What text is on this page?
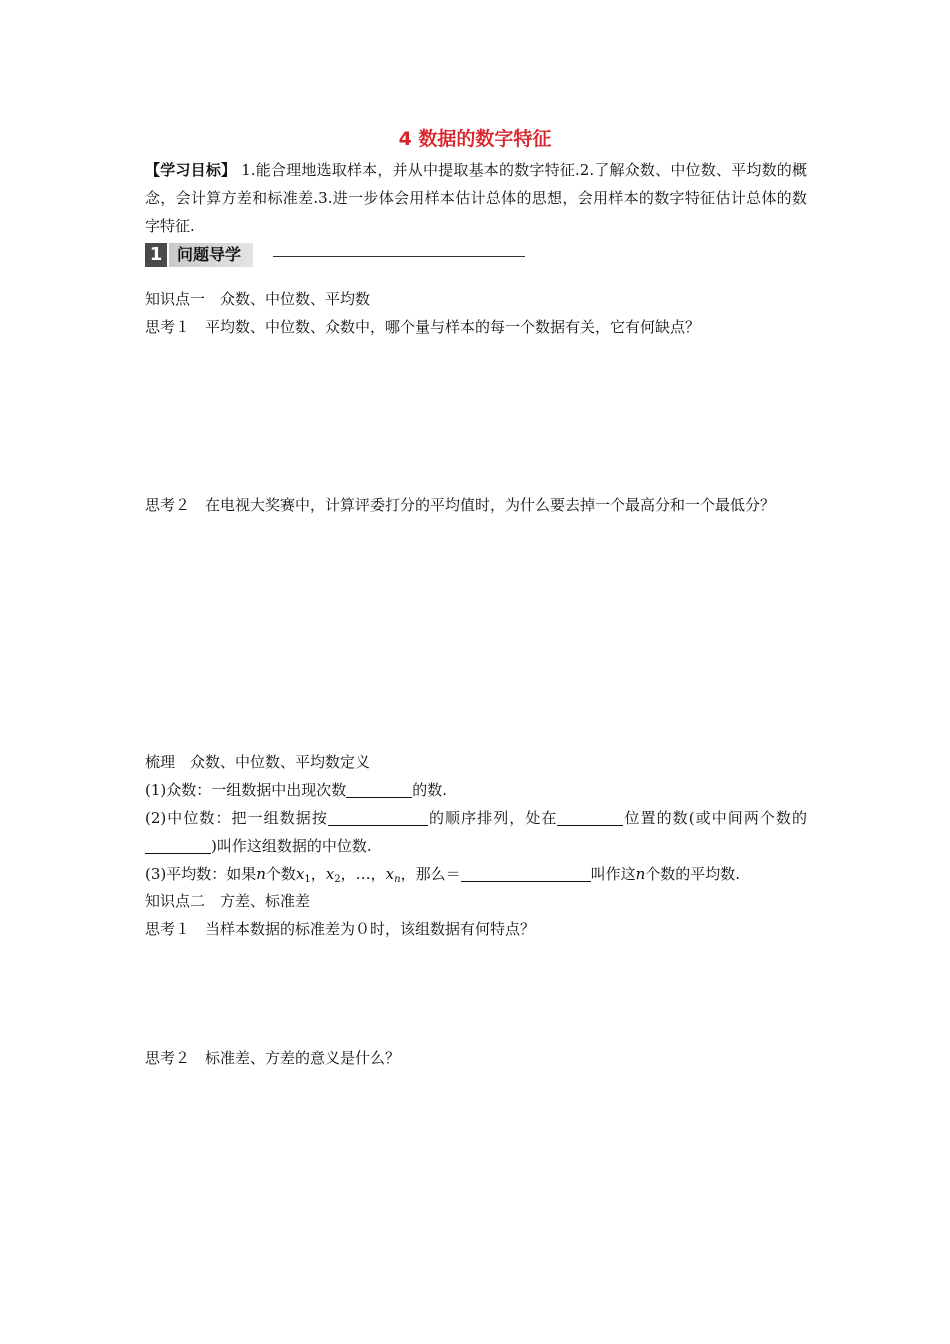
4 数据的数字特征
【学习目标】 1.能合理地选取样本，并从中提取基本的数字特征.2.了解众数、中位数、平均数的概念，会计算方差和标准差.3.进一步体会用样本估计总体的思想，会用样本的数字特征估计总体的数字特征.
1 问题导学
知识点一　众数、中位数、平均数
思考１　平均数、中位数、众数中，哪个量与样本的每一个数据有关，它有何缺点？
思考２　在电视大奖赛中，计算评委打分的平均值时，为什么要去掉一个最高分和一个最低分？
梳理　众数、中位数、平均数定义
(1)众数：一组数据中出现次数	的数.
(2)中位数：把一组数据按	的顺序排列，处在	位置的数(或中间两个数的)叫作这组数据的中位数.
(3)平均数：如果n个数$x_1$，$x_2$，…，$x_n$，那么＝	叫作这n个数的平均数.
知识点二　方差、标准差
思考１　当样本数据的标准差为０时，该组数据有何特点？
思考２　标准差、方差的意义是什么？
